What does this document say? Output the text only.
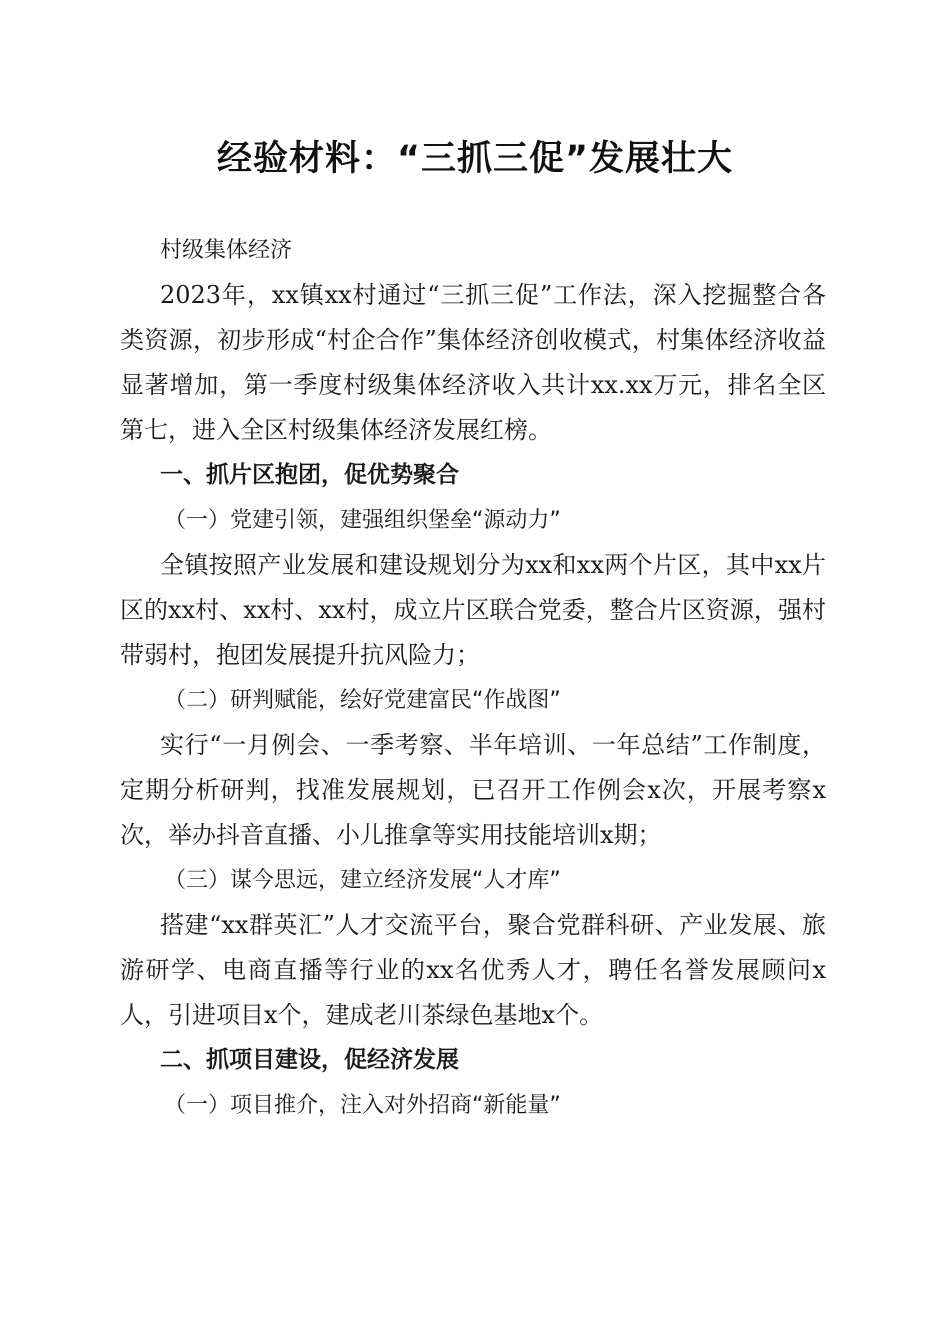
经验材料：“三抓三促”发展壮大

村级集体经济

2023年，xx镇xx村通过“三抓三促”工作法，深入挖掘整合各类资源，初步形成“村企合作”集体经济创收模式，村集体经济收益显著增加，第一季度村级集体经济收入共计xx.xx万元，排名全区第七，进入全区村级集体经济发展红榜。

一、抓片区抱团，促优势聚合

（一）党建引领，建强组织堡垒“源动力”

全镇按照产业发展和建设规划分为xx和xx两个片区，其中xx片区的xx村、xx村、xx村，成立片区联合党委，整合片区资源，强村带弱村，抱团发展提升抗风险力；

（二）研判赋能，绘好党建富民“作战图”

实行“一月例会、一季考察、半年培训、一年总结”工作制度，定期分析研判，找准发展规划，已召开工作例会x次，开展考察x次，举办抖音直播、小儿推拿等实用技能培训x期；

（三）谋今思远，建立经济发展“人才库”

搭建“xx群英汇”人才交流平台，聚合党群科研、产业发展、旅游研学、电商直播等行业的xx名优秀人才，聘任名誉发展顾问x人，引进项目x个，建成老川茶绿色基地x个。

二、抓项目建设，促经济发展

（一）项目推介，注入对外招商“新能量”
